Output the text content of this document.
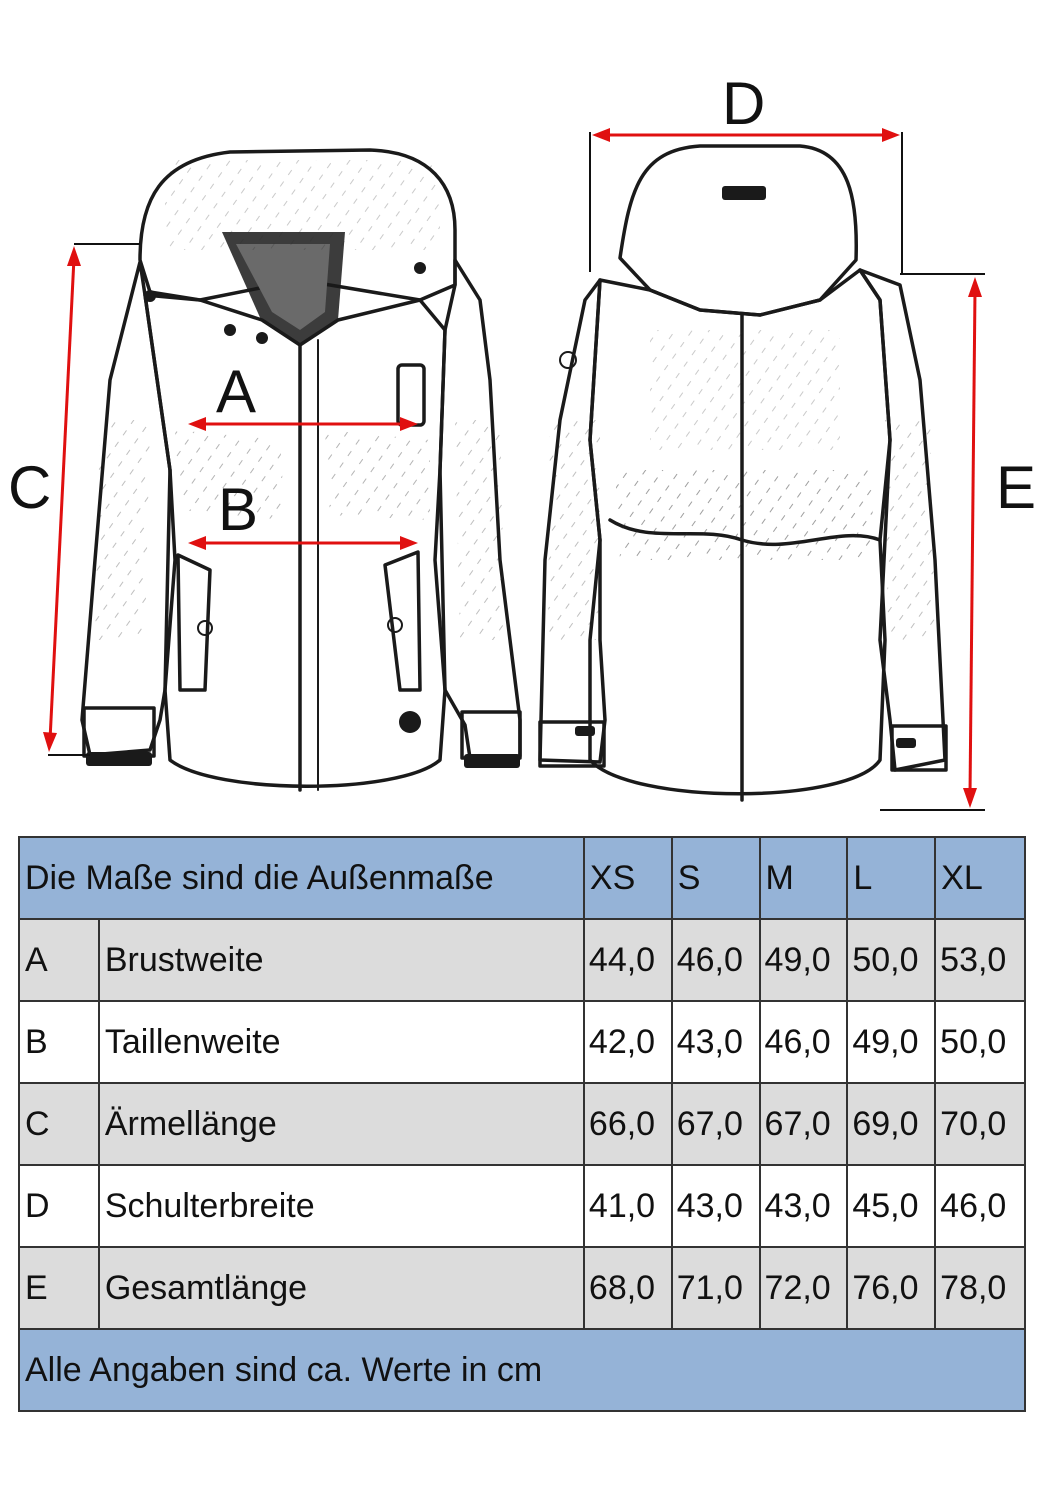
A
B
C
D
E
Die Maße sind die Außenmaße		XS	S	M	L	XL
A	Brustweite	44,0	46,0	49,0	50,0	53,0
B	Taillenweite	42,0	43,0	46,0	49,0	50,0
C	Ärmellänge	66,0	67,0	67,0	69,0	70,0
D	Schulterbreite	41,0	43,0	43,0	45,0	46,0
E	Gesamtlänge	68,0	71,0	72,0	76,0	78,0
Alle Angaben sind ca. Werte in cm						
